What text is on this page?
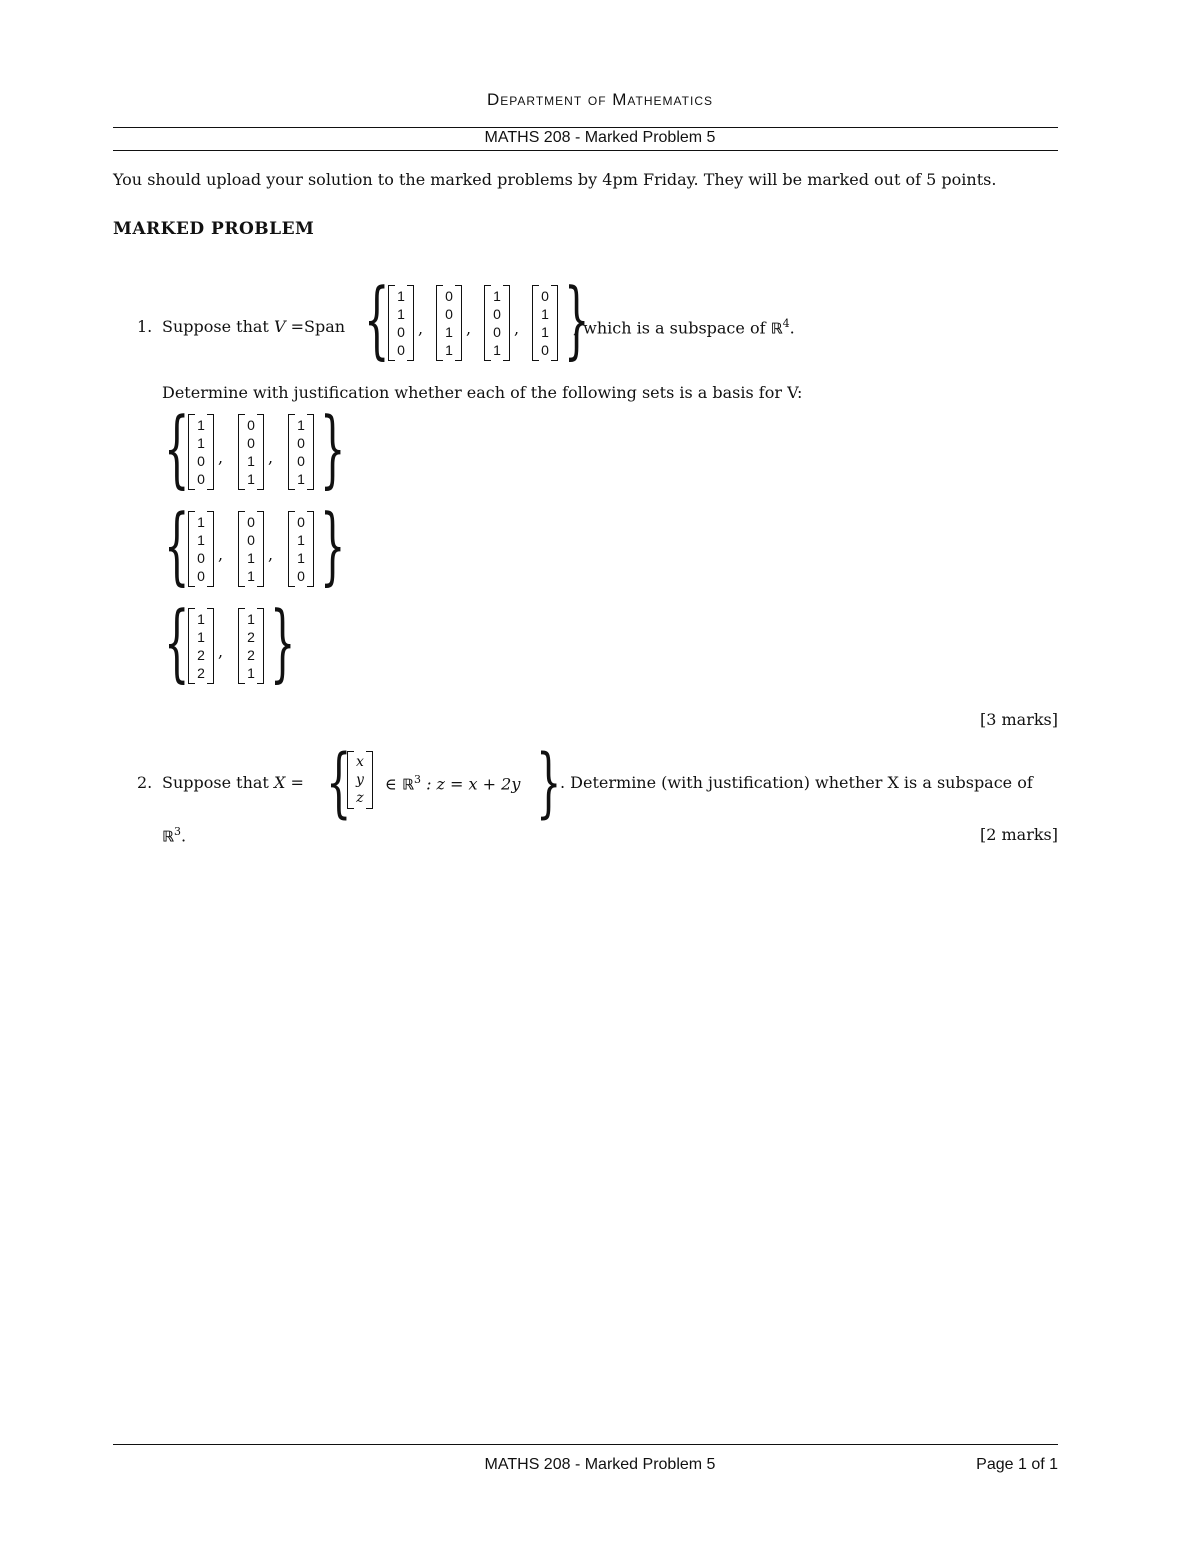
Department of Mathematics
MATHS 208 - Marked Problem 5
You should upload your solution to the marked problems by 4pm Friday. They will be marked out of 5 points.
MARKED PROBLEM
1. Suppose that V =Span { 1
1
0
0
,
0
0
1
1
,
1
0
0
1
,
0
1
1
0 }
, which is a subspace of ℝ$^4$.
Determine with justification whether each of the following sets is a basis for V:
{ 1
1
0
0
,
0
0
1
1
,
1
0
0
1 }
{ 1
1
0
0
,
0
0
1
1
,
0
1
1
0 }
{ 1
1
2
2
,
1
2
2
1 }
[3 marks]
2. Suppose that X = { x
y
z	}
∈ ℝ$^3$ : z = x + 2y . Determine (with justification) whether X is a subspace of
ℝ$^3$.	[2 marks]
MATHS 208 - Marked Problem 5	Page 1 of 1
